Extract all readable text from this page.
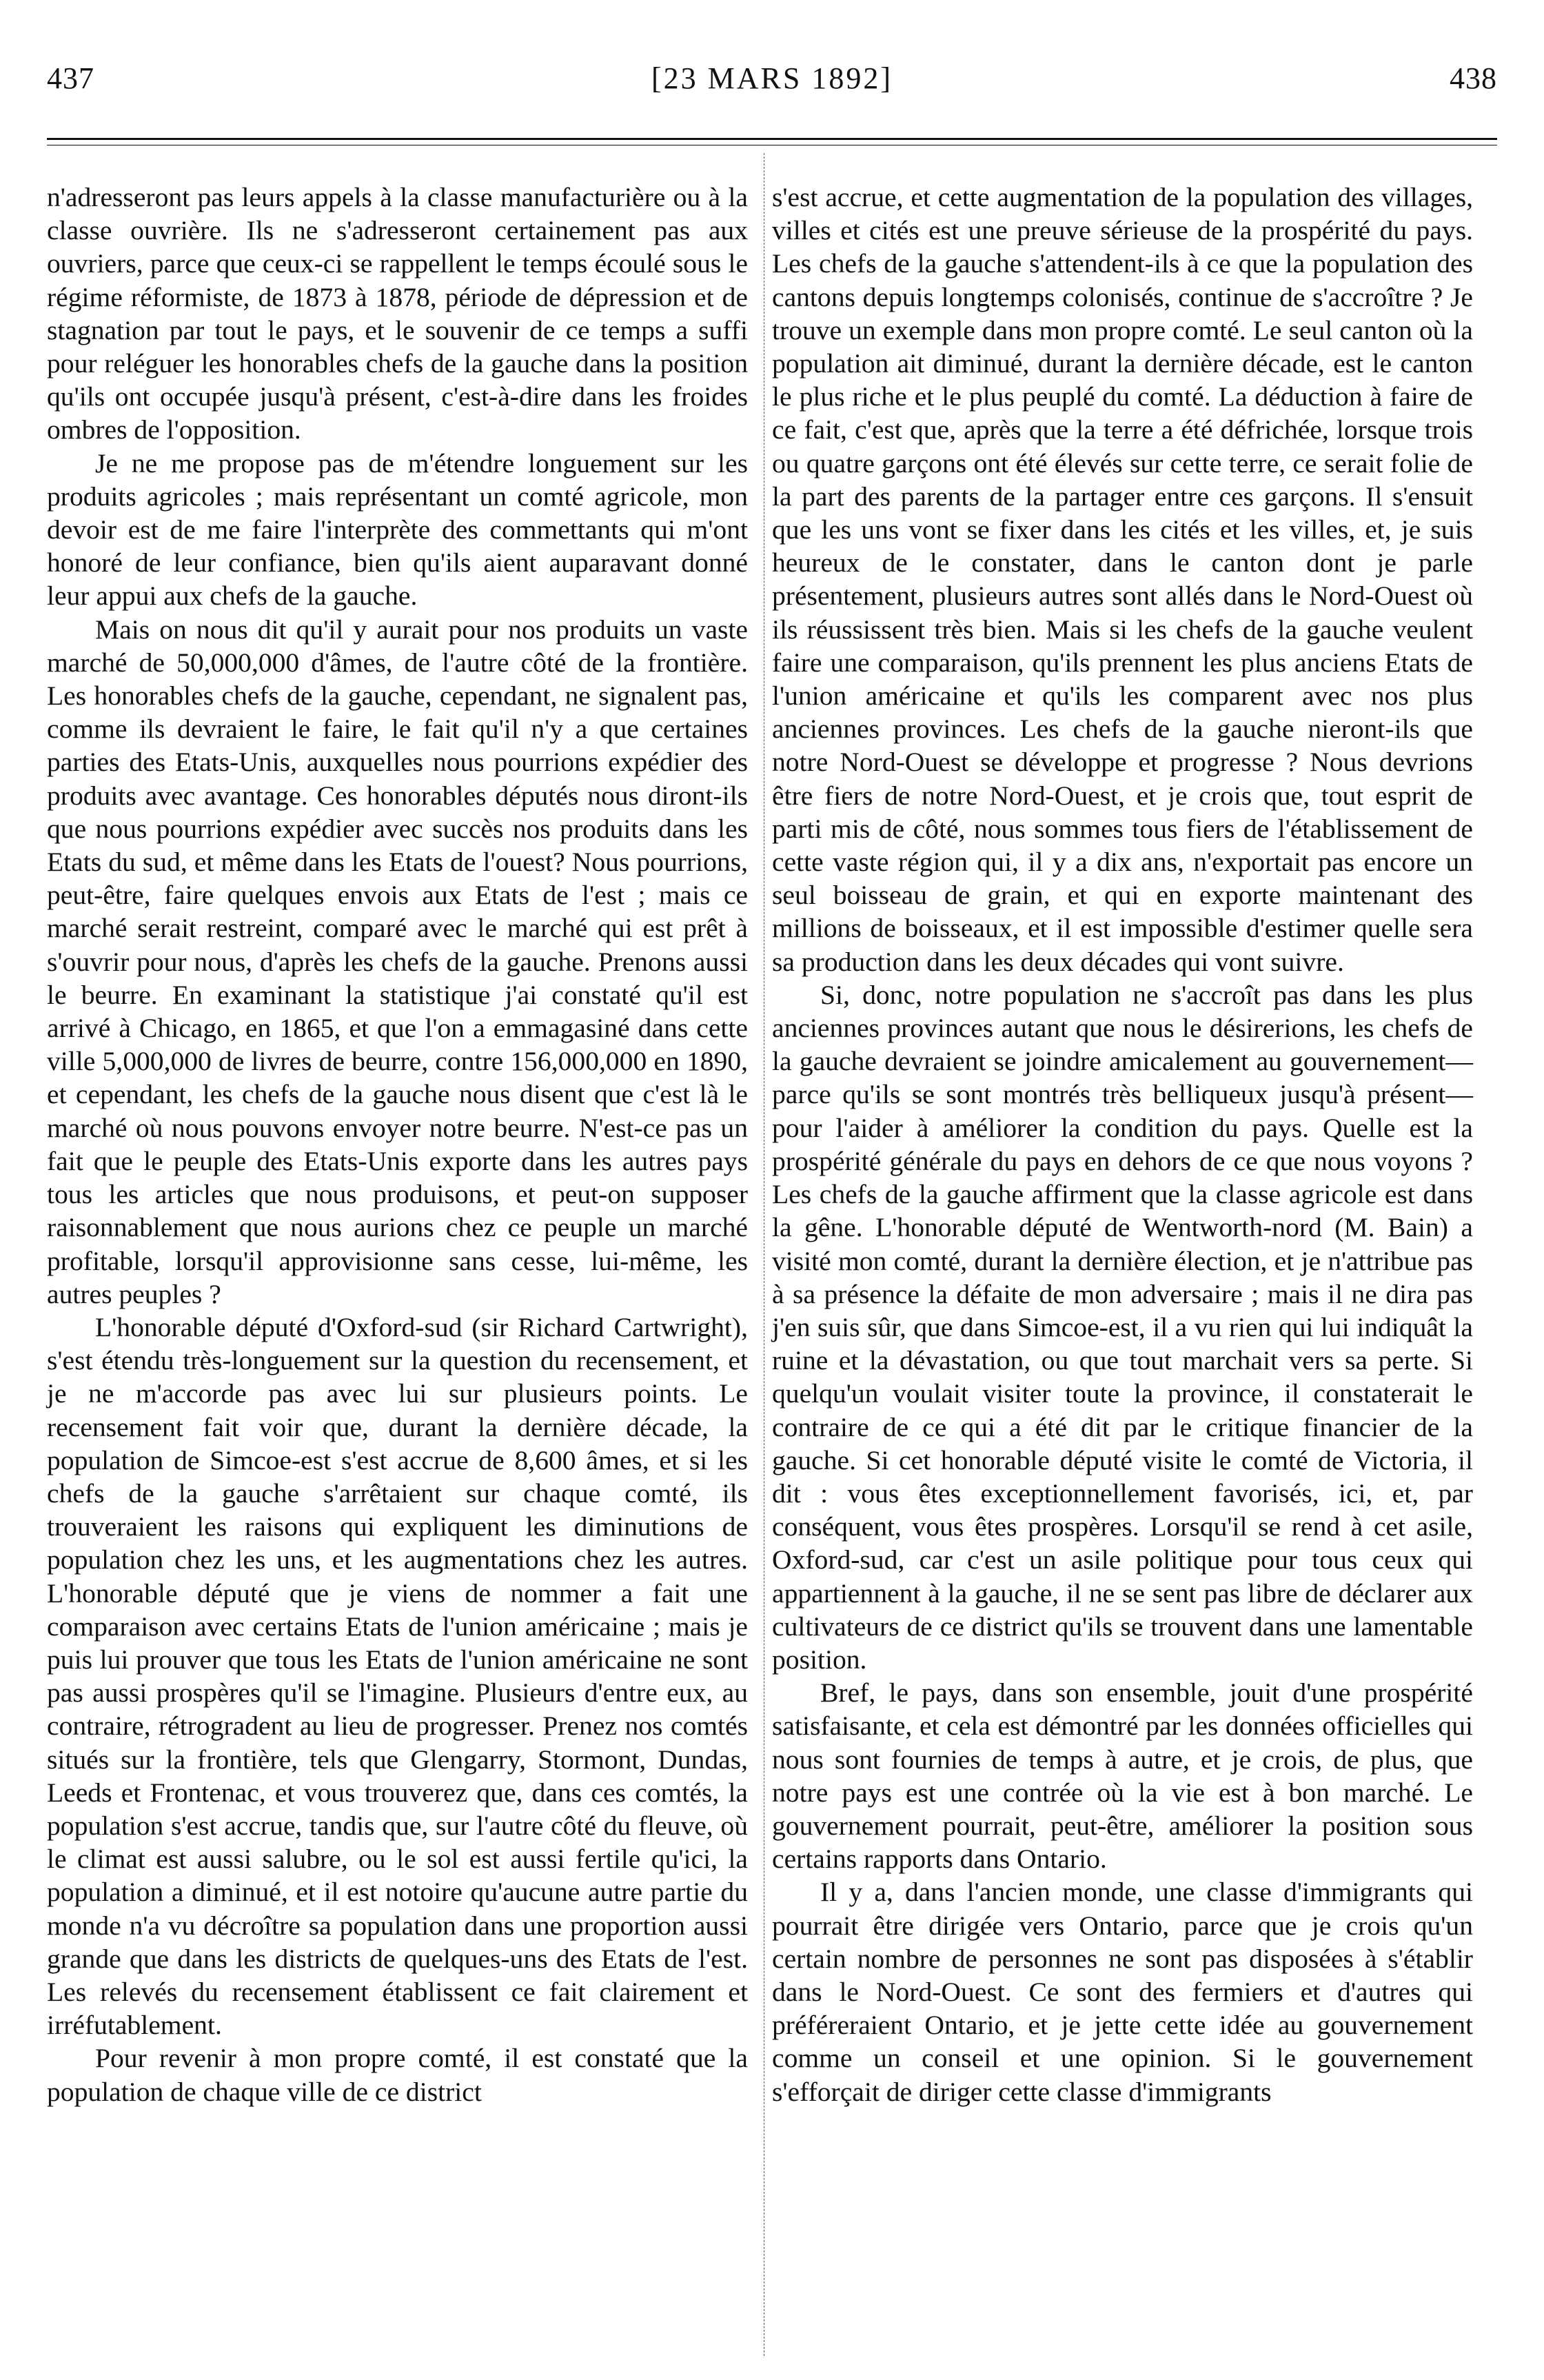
437	[23 MARS 1892]	438

n'adresseront pas leurs appels à la classe manufacturière ou à la classe ouvrière. Ils ne s'adresseront certainement pas aux ouvriers, parce que ceux-ci se rappellent le temps écoulé sous le régime réformiste, de 1873 à 1878, période de dépression et de stagnation par tout le pays, et le souvenir de ce temps a suffi pour reléguer les honorables chefs de la gauche dans la position qu'ils ont occupée jusqu'à présent, c'est-à-dire dans les froides ombres de l'opposition.

Je ne me propose pas de m'étendre longuement sur les produits agricoles ; mais représentant un comté agricole, mon devoir est de me faire l'interprète des commettants qui m'ont honoré de leur confiance, bien qu'ils aient auparavant donné leur appui aux chefs de la gauche.

Mais on nous dit qu'il y aurait pour nos produits un vaste marché de 50,000,000 d'âmes, de l'autre côté de la frontière. Les honorables chefs de la gauche, cependant, ne signalent pas, comme ils devraient le faire, le fait qu'il n'y a que certaines parties des Etats-Unis, auxquelles nous pourrions expédier des produits avec avantage. Ces honorables députés nous diront-ils que nous pourrions expédier avec succès nos produits dans les Etats du sud, et même dans les Etats de l'ouest? Nous pourrions, peut-être, faire quelques envois aux Etats de l'est ; mais ce marché serait restreint, comparé avec le marché qui est prêt à s'ouvrir pour nous, d'après les chefs de la gauche. Prenons aussi le beurre. En examinant la statistique j'ai constaté qu'il est arrivé à Chicago, en 1865, et que l'on a emmagasiné dans cette ville 5,000,000 de livres de beurre, contre 156,000,000 en 1890, et cependant, les chefs de la gauche nous disent que c'est là le marché où nous pouvons envoyer notre beurre. N'est-ce pas un fait que le peuple des Etats-Unis exporte dans les autres pays tous les articles que nous produisons, et peut-on supposer raisonnablement que nous aurions chez ce peuple un marché profitable, lorsqu'il approvisionne sans cesse, lui-même, les autres peuples ?

L'honorable député d'Oxford-sud (sir Richard Cartwright), s'est étendu très-longuement sur la question du recensement, et je ne m'accorde pas avec lui sur plusieurs points. Le recensement fait voir que, durant la dernière décade, la population de Simcoe-est s'est accrue de 8,600 âmes, et si les chefs de la gauche s'arrêtaient sur chaque comté, ils trouveraient les raisons qui expliquent les diminutions de population chez les uns, et les augmentations chez les autres. L'honorable député que je viens de nommer a fait une comparaison avec certains Etats de l'union américaine ; mais je puis lui prouver que tous les Etats de l'union américaine ne sont pas aussi prospères qu'il se l'imagine. Plusieurs d'entre eux, au contraire, rétrogradent au lieu de progresser. Prenez nos comtés situés sur la frontière, tels que Glengarry, Stormont, Dundas, Leeds et Frontenac, et vous trouverez que, dans ces comtés, la population s'est accrue, tandis que, sur l'autre côté du fleuve, où le climat est aussi salubre, ou le sol est aussi fertile qu'ici, la population a diminué, et il est notoire qu'aucune autre partie du monde n'a vu décroître sa population dans une proportion aussi grande que dans les districts de quelques-uns des Etats de l'est. Les relevés du recensement établissent ce fait clairement et irréfutablement.

Pour revenir à mon propre comté, il est constaté que la population de chaque ville de ce district

s'est accrue, et cette augmentation de la population des villages, villes et cités est une preuve sérieuse de la prospérité du pays. Les chefs de la gauche s'attendent-ils à ce que la population des cantons depuis longtemps colonisés, continue de s'accroître ? Je trouve un exemple dans mon propre comté. Le seul canton où la population ait diminué, durant la dernière décade, est le canton le plus riche et le plus peuplé du comté. La déduction à faire de ce fait, c'est que, après que la terre a été défrichée, lorsque trois ou quatre garçons ont été élevés sur cette terre, ce serait folie de la part des parents de la partager entre ces garçons. Il s'ensuit que les uns vont se fixer dans les cités et les villes, et, je suis heureux de le constater, dans le canton dont je parle présentement, plusieurs autres sont allés dans le Nord-Ouest où ils réussissent très bien. Mais si les chefs de la gauche veulent faire une comparaison, qu'ils prennent les plus anciens Etats de l'union américaine et qu'ils les comparent avec nos plus anciennes provinces. Les chefs de la gauche nieront-ils que notre Nord-Ouest se développe et progresse ? Nous devrions être fiers de notre Nord-Ouest, et je crois que, tout esprit de parti mis de côté, nous sommes tous fiers de l'établissement de cette vaste région qui, il y a dix ans, n'exportait pas encore un seul boisseau de grain, et qui en exporte maintenant des millions de boisseaux, et il est impossible d'estimer quelle sera sa production dans les deux décades qui vont suivre.

Si, donc, notre population ne s'accroît pas dans les plus anciennes provinces autant que nous le désirerions, les chefs de la gauche devraient se joindre amicalement au gouvernement—parce qu'ils se sont montrés très belliqueux jusqu'à présent—pour l'aider à améliorer la condition du pays. Quelle est la prospérité générale du pays en dehors de ce que nous voyons ? Les chefs de la gauche affirment que la classe agricole est dans la gêne. L'honorable député de Wentworth-nord (M. Bain) a visité mon comté, durant la dernière élection, et je n'attribue pas à sa présence la défaite de mon adversaire ; mais il ne dira pas j'en suis sûr, que dans Simcoe-est, il a vu rien qui lui indiquât la ruine et la dévastation, ou que tout marchait vers sa perte. Si quelqu'un voulait visiter toute la province, il constaterait le contraire de ce qui a été dit par le critique financier de la gauche. Si cet honorable député visite le comté de Victoria, il dit : vous êtes exceptionnellement favorisés, ici, et, par conséquent, vous êtes prospères. Lorsqu'il se rend à cet asile, Oxford-sud, car c'est un asile politique pour tous ceux qui appartiennent à la gauche, il ne se sent pas libre de déclarer aux cultivateurs de ce district qu'ils se trouvent dans une lamentable position.

Bref, le pays, dans son ensemble, jouit d'une prospérité satisfaisante, et cela est démontré par les données officielles qui nous sont fournies de temps à autre, et je crois, de plus, que notre pays est une contrée où la vie est à bon marché. Le gouvernement pourrait, peut-être, améliorer la position sous certains rapports dans Ontario.

Il y a, dans l'ancien monde, une classe d'immigrants qui pourrait être dirigée vers Ontario, parce que je crois qu'un certain nombre de personnes ne sont pas disposées à s'établir dans le Nord-Ouest. Ce sont des fermiers et d'autres qui préféreraient Ontario, et je jette cette idée au gouvernement comme un conseil et une opinion. Si le gouvernement s'efforçait de diriger cette classe d'immigrants
